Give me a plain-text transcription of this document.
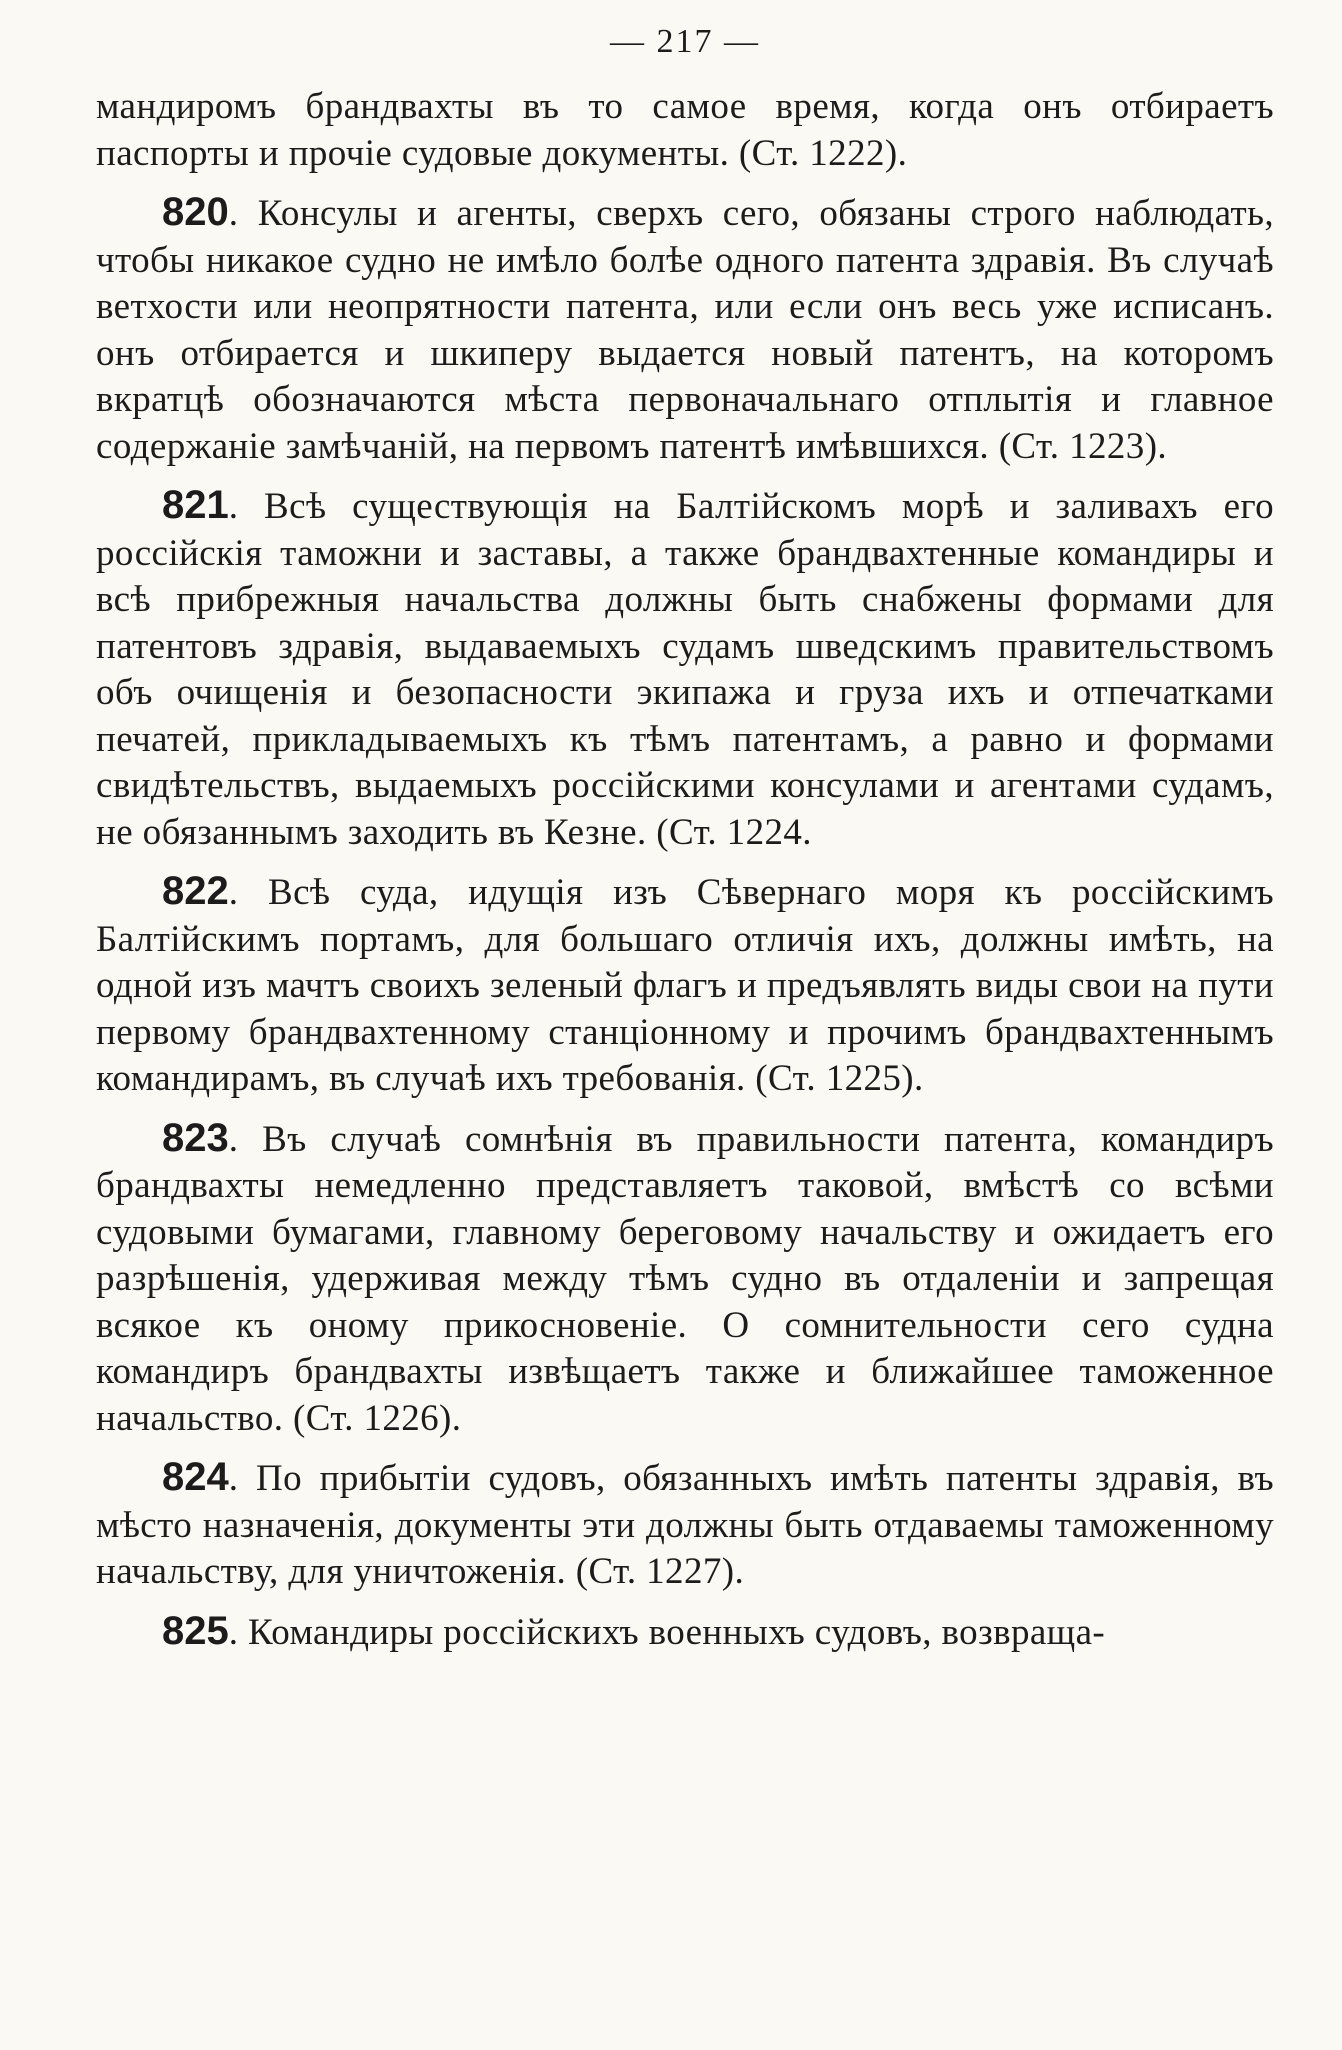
— 217 —

мандиромъ брандвахты въ то самое время, когда онъ отбираетъ паспорты и прочіе судовые документы. (Ст. 1222).

820. Консулы и агенты, сверхъ сего, обязаны строго наблюдать, чтобы никакое судно не имѣло болѣе одного патента здравія. Въ случаѣ ветхости или неопрятности патента, или если онъ весь уже исписанъ. онъ отбирается и шкиперу выдается новый патентъ, на которомъ вкратцѣ обозначаются мѣста первоначальнаго отплытія и главное содержаніе замѣчаній, на первомъ патентѣ имѣвшихся. (Ст. 1223).

821. Всѣ существующія на Балтійскомъ морѣ и заливахъ его россійскія таможни и заставы, а также брандвахтенные командиры и всѣ прибрежныя начальства должны быть снабжены формами для патентовъ здравія, выдаваемыхъ судамъ шведскимъ правительствомъ объ очищенія и безопасности экипажа и груза ихъ и отпечатками печатей, прикладываемыхъ къ тѣмъ патентамъ, а равно и формами свидѣтельствъ, выдаемыхъ россійскими консулами и агентами судамъ, не обязаннымъ заходить въ Кезне. (Ст. 1224.

822. Всѣ суда, идущія изъ Сѣвернаго моря къ россійскимъ Балтійскимъ портамъ, для большаго отличія ихъ, должны имѣть, на одной изъ мачтъ своихъ зеленый флагъ и предъявлять виды свои на пути первому брандвахтенному станціонному и прочимъ брандвахтеннымъ командирамъ, въ случаѣ ихъ требованія. (Ст. 1225).

823. Въ случаѣ сомнѣнія въ правильности патента, командиръ брандвахты немедленно представляетъ таковой, вмѣстѣ со всѣми судовыми бумагами, главному береговому начальству и ожидаетъ его разрѣшенія, удерживая между тѣмъ судно въ отдаленіи и запрещая всякое къ оному прикосновеніе. О сомнительности сего судна командиръ брандвахты извѣщаетъ также и ближайшее таможенное начальство. (Ст. 1226).

824. По прибытіи судовъ, обязанныхъ имѣть патенты здравія, въ мѣсто назначенія, документы эти должны быть отдаваемы таможенному начальству, для уничтоженія. (Ст. 1227).

825. Командиры россійскихъ военныхъ судовъ, возвраща-
